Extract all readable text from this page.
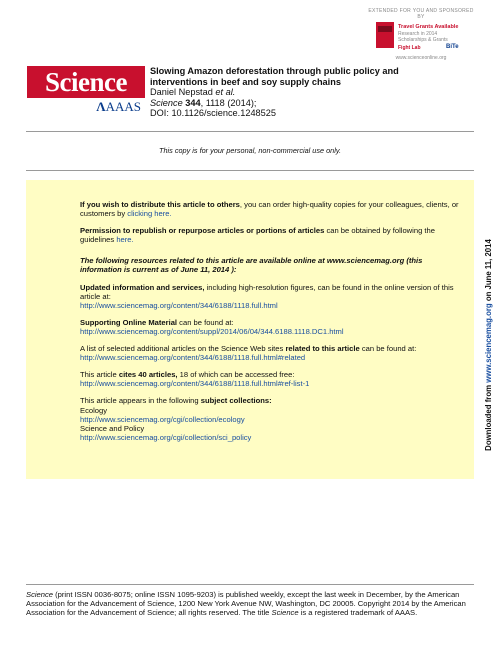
EXTENDED FOR YOU AND SPONSORED BY
Travel Grants Available
Research in 2014
Scholarships & Grants
Fight Lab	BiTe
www.scienceonline.org
Science
ΛAAAS
Slowing Amazon deforestation through public policy and interventions in beef and soy supply chains
Daniel Nepstad et al.
Science 344, 1118 (2014);
DOI: 10.1126/science.1248525
This copy is for your personal, non-commercial use only.
If you wish to distribute this article to others, you can order high-quality copies for your colleagues, clients, or customers by clicking here.
Permission to republish or repurpose articles or portions of articles can be obtained by following the guidelines here.
The following resources related to this article are available online at www.sciencemag.org (this information is current as of June 11, 2014 ):
Updated information and services, including high-resolution figures, can be found in the online version of this article at:
http://www.sciencemag.org/content/344/6188/1118.full.html
Supporting Online Material can be found at:
http://www.sciencemag.org/content/suppl/2014/06/04/344.6188.1118.DC1.html
A list of selected additional articles on the Science Web sites related to this article can be found at:
http://www.sciencemag.org/content/344/6188/1118.full.html#related
This article cites 40 articles, 18 of which can be accessed free:
http://www.sciencemag.org/content/344/6188/1118.full.html#ref-list-1
This article appears in the following subject collections:
Ecology
http://www.sciencemag.org/cgi/collection/ecology
Science and Policy
http://www.sciencemag.org/cgi/collection/sci_policy	Downloaded from www.sciencemag.org on June 11, 2014
Science (print ISSN 0036-8075; online ISSN 1095-9203) is published weekly, except the last week in December, by the American Association for the Advancement of Science, 1200 New York Avenue NW, Washington, DC 20005. Copyright 2014 by the American Association for the Advancement of Science; all rights reserved. The title Science is a registered trademark of AAAS.
